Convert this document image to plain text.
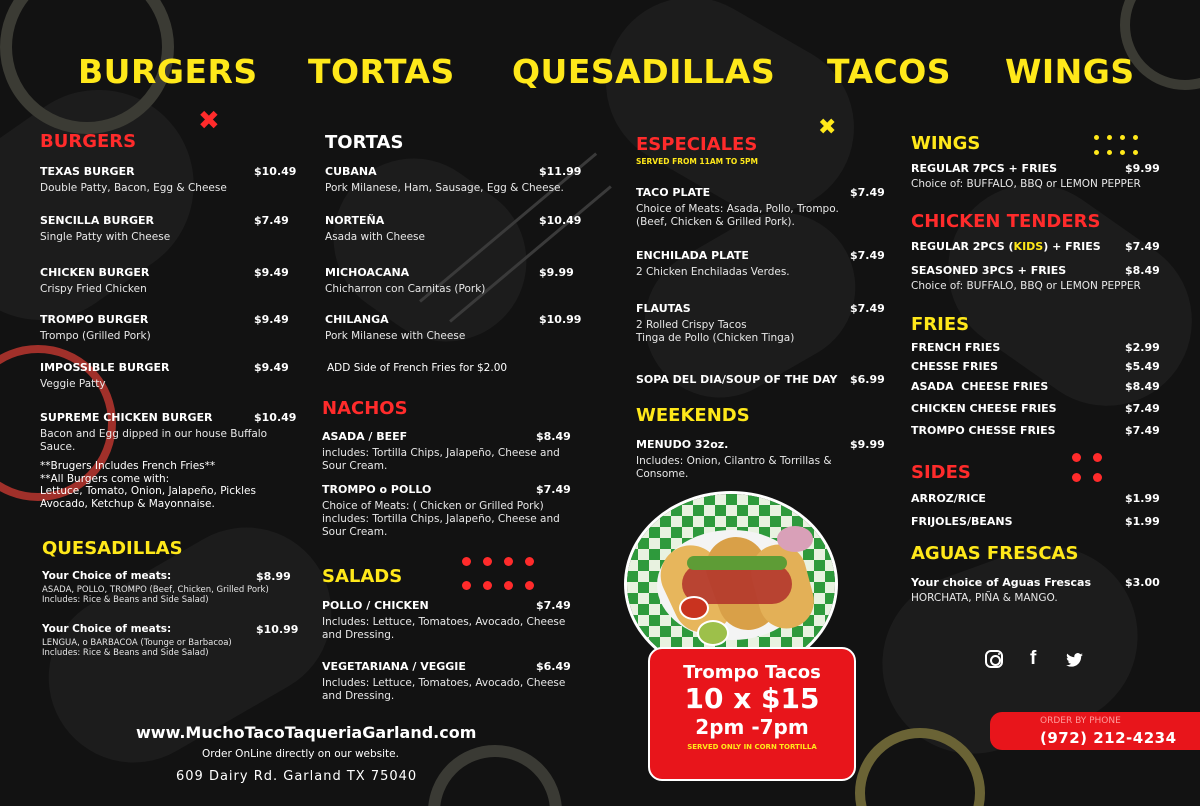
BURGERS TORTAS QUESADILLAS TACOS WINGS
✖	✖
BURGERS
TEXAS BURGER	$10.49
Double Patty, Bacon, Egg & Cheese
SENCILLA BURGER	$7.49
Single Patty with Cheese
CHICKEN BURGER	$9.49
Crispy Fried Chicken
TROMPO BURGER	$9.49
Trompo (Grilled Pork)
IMPOSSIBLE BURGER	$9.49
Veggie Patty
SUPREME CHICKEN BURGER	$10.49
Bacon and Egg dipped in our house Buffalo Sauce.
**Brugers Includes French Fries**
**All Burgers come with:
Lettuce, Tomato, Onion, Jalapeño, Pickles
Avocado, Ketchup & Mayonnaise.
QUESADILLAS
Your Choice of meats:	$8.99
ASADA, POLLO, TROMPO (Beef, Chicken, Grilled Pork)
Includes: Rice & Beans and Side Salad)
Your Choice of meats:	$10.99
LENGUA, o BARBACOA (Tounge or Barbacoa)
Includes: Rice & Beans and Side Salad)
TORTAS
CUBANA	$11.99
Pork Milanese, Ham, Sausage, Egg & Cheese.
NORTEÑA	$10.49
Asada with Cheese
MICHOACANA	$9.99
Chicharron con Carnitas (Pork)
CHILANGA	$10.99
Pork Milanese with Cheese
ADD Side of French Fries for $2.00
NACHOS
ASADA / BEEF	$8.49
includes: Tortilla Chips, Jalapeño, Cheese and Sour Cream.
TROMPO o POLLO	$7.49
Choice of Meats: ( Chicken or Grilled Pork) includes: Tortilla Chips, Jalapeño, Cheese and Sour Cream.
SALADS
POLLO / CHICKEN	$7.49
Includes: Lettuce, Tomatoes, Avocado, Cheese and Dressing.
VEGETARIANA / VEGGIE	$6.49
Includes: Lettuce, Tomatoes, Avocado, Cheese and Dressing.
www.MuchoTacoTaqueriaGarland.com
Order OnLine directly on our website.
609 Dairy Rd. Garland TX 75040
ESPECIALES
SERVED FROM 11AM TO 5PM
TACO PLATE	$7.49
Choice of Meats: Asada, Pollo, Trompo. (Beef, Chicken & Grilled Pork).
ENCHILADA PLATE	$7.49
2 Chicken Enchiladas Verdes.
FLAUTAS	$7.49
2 Rolled Crispy Tacos
Tinga de Pollo (Chicken Tinga)
SOPA DEL DIA/SOUP OF THE DAY	$6.99
WEEKENDS
MENUDO 32oz.	$9.99
Includes: Onion, Cilantro & Torrillas & Consome.
Trompo Tacos
10 x $15
2pm -7pm
SERVED ONLY IN CORN TORTILLA
WINGS
REGULAR 7PCS + FRIES	$9.99
Choice of: BUFFALO, BBQ or LEMON PEPPER
CHICKEN TENDERS
REGULAR 2PCS (KIDS) + FRIES	$7.49
SEASONED 3PCS + FRIES	$8.49
Choice of: BUFFALO, BBQ or LEMON PEPPER
FRIES
FRENCH FRIES	$2.99
CHESSE FRIES	$5.49
ASADA  CHEESE FRIES	$8.49
CHICKEN CHEESE FRIES	$7.49
TROMPO CHESSE FRIES	$7.49
SIDES
ARROZ/RICE	$1.99
FRIJOLES/BEANS	$1.99
AGUAS FRESCAS
Your choice of Aguas Frescas	$3.00
HORCHATA, PIÑA & MANGO.
f
ORDER BY PHONE
(972) 212-4234
